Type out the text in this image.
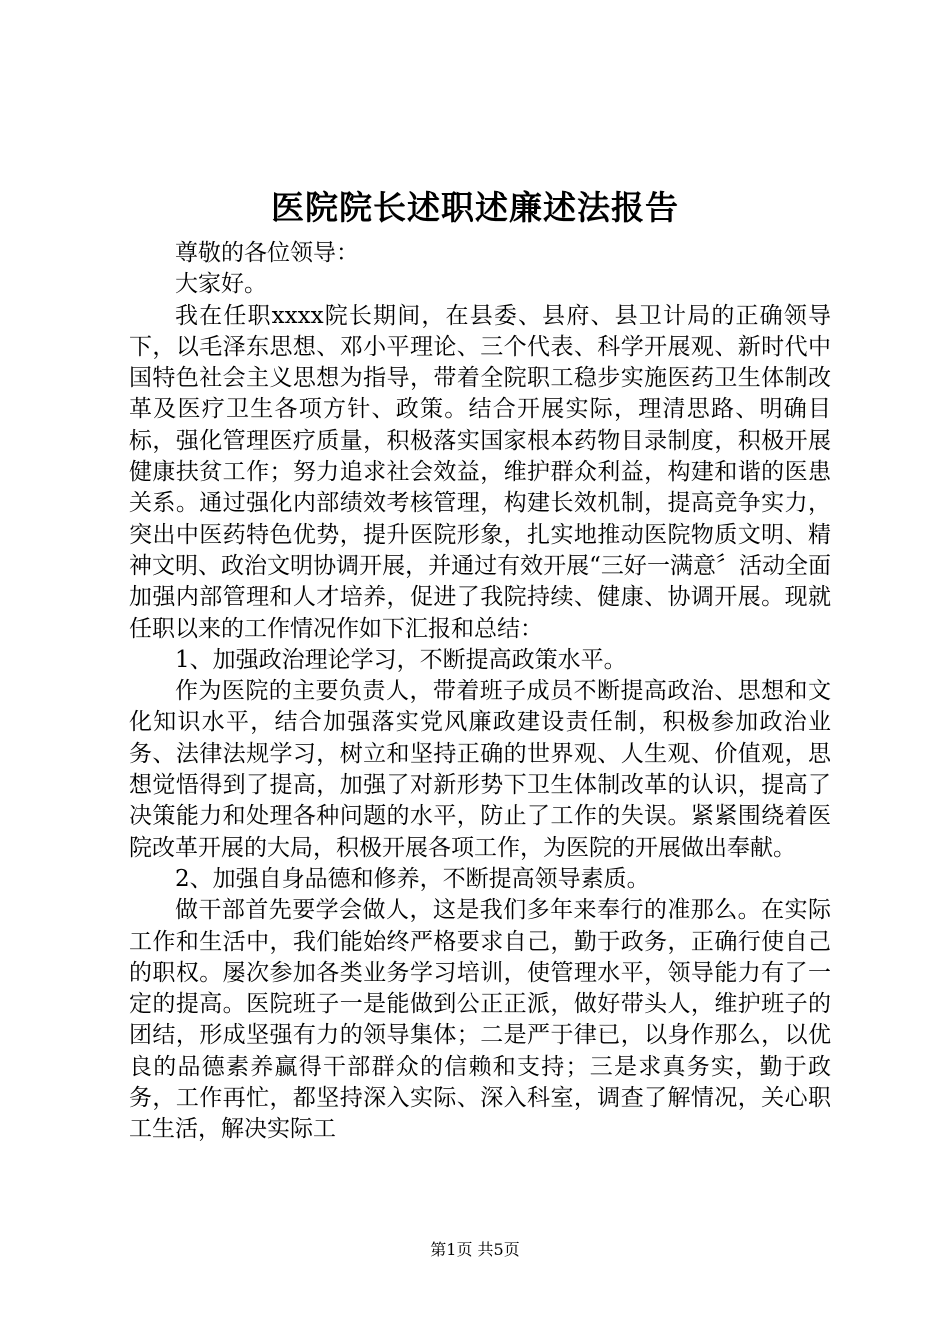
医院院长述职述廉述法报告

尊敬的各位领导：

大家好。

我在任职xxxx院长期间，在县委、县府、县卫计局的正确领导下，以毛泽东思想、邓小平理论、三个代表、科学开展观、新时代中国特色社会主义思想为指导，带着全院职工稳步实施医药卫生体制改革及医疗卫生各项方针、政策。结合开展实际，理清思路、明确目标，强化管理医疗质量，积极落实国家根本药物目录制度，积极开展健康扶贫工作；努力追求社会效益，维护群众利益，构建和谐的医患关系。通过强化内部绩效考核管理，构建长效机制，提高竞争实力，突出中医药特色优势，提升医院形象，扎实地推动医院物质文明、精神文明、政治文明协调开展，并通过有效开展“三好一满意〞活动全面加强内部管理和人才培养，促进了我院持续、健康、协调开展。现就任职以来的工作情况作如下汇报和总结：

1、加强政治理论学习，不断提高政策水平。

作为医院的主要负责人，带着班子成员不断提高政治、思想和文化知识水平，结合加强落实党风廉政建设责任制，积极参加政治业务、法律法规学习，树立和坚持正确的世界观、人生观、价值观，思想觉悟得到了提高，加强了对新形势下卫生体制改革的认识，提高了决策能力和处理各种问题的水平，防止了工作的失误。紧紧围绕着医院改革开展的大局，积极开展各项工作，为医院的开展做出奉献。

2、加强自身品德和修养，不断提高领导素质。

做干部首先要学会做人，这是我们多年来奉行的准那么。在实际工作和生活中，我们能始终严格要求自己，勤于政务，正确行使自己的职权。屡次参加各类业务学习培训，使管理水平，领导能力有了一定的提高。医院班子一是能做到公正正派，做好带头人，维护班子的团结，形成坚强有力的领导集体；二是严于律已，以身作那么，以优良的品德素养赢得干部群众的信赖和支持；三是求真务实，勤于政务，工作再忙，都坚持深入实际、深入科室，调查了解情况，关心职工生活，解决实际工

第1页 共5页
